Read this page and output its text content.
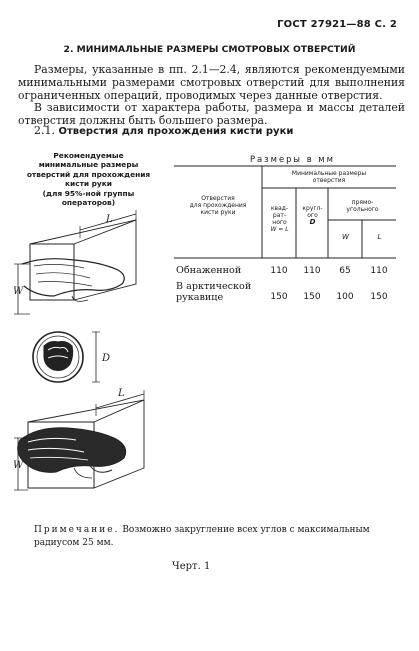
ГОСТ 27921—88 С. 2
2. МИНИМАЛЬНЫЕ РАЗМЕРЫ СМОТРОВЫХ ОТВЕРСТИЙ

Размеры, указанные в пп. 2.1—2.4, являются рекомендуемыми минимальными размерами смотровых отверстий для выполнения ограниченных операций, проводимых через данные отверстия.

В зависимости от характера работы, размера и массы деталей отверстия должны быть большего размера.

2.1. Отверстия для прохождения кисти руки
Рекомендуемые
минимальные размеры
отверстий для прохождения
кисти руки
(для 95%-ной группы
операторов)
Размеры в мм
Отверстия
для прохождения
кисти руки
Минимальные размеры
отверстия
квад-
рат-
ного
W = L
кругл-
ого
D
прямо-
угольного
W	L
Обнаженной	110	110	65	110
В арктической
рукавице	150	150	100	150
L
W
D
L
W
Примечание. Возможно закругление всех углов с максимальным радиусом 25 мм.
Черт. 1
